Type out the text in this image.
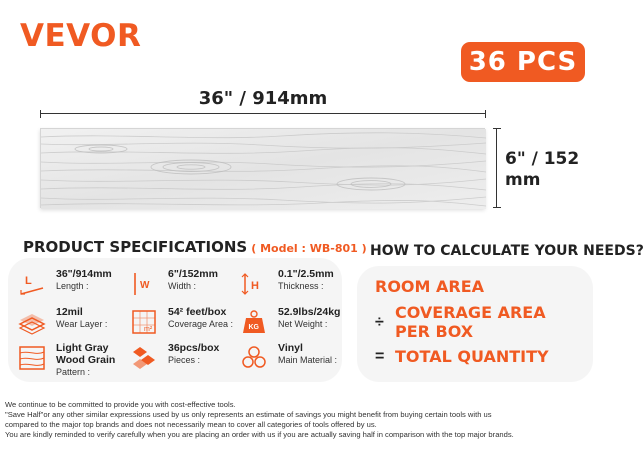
VEVOR
36 PCS
36" / 914mm
6" / 152
mm
PRODUCT SPECIFICATIONS ( Model : WB-801 )
L
36"/914mm
Length :	W
6"/152mm
Width :	H
0.1"/2.5mm
Thickness :
12mil
Wear Layer :
m²
54² feet/box
Coverage Area : KG
52.9lbs/24kg
Net Weight :
Light Gray
Wood Grain
Pattern :
36pcs/box
Pieces :
Vinyl
Main Material :
HOW TO CALCULATE YOUR NEEDS?
ROOM AREA
÷
COVERAGE AREA
PER BOX
= TOTAL QUANTITY

We continue to be committed to provide you with cost-effective tools.

"Save Half"or any other similar expressions used by us only represents an estimate of savings you might benefit from buying certain tools with us

compared to the major top brands and does not necessarily mean to cover all categories of tools offered by us.

You are kindly reminded to verify carefully when you are placing an order with us if you are actually saving half in comparison with the top major brands.
